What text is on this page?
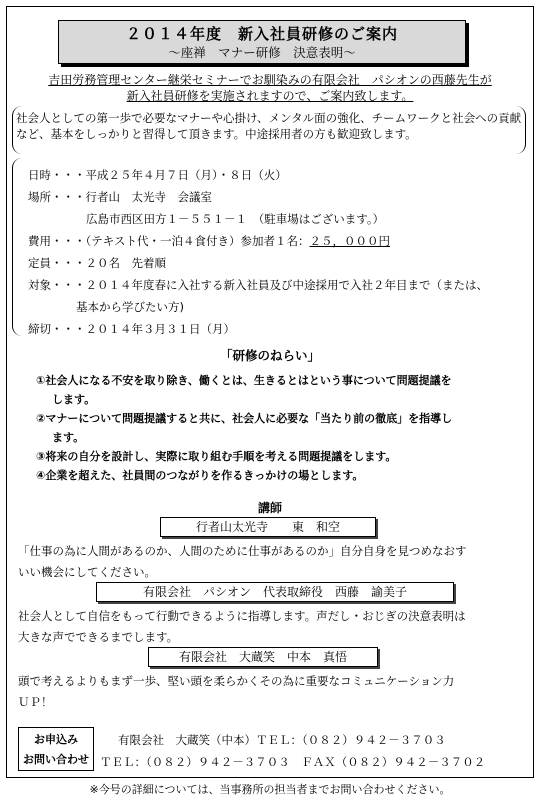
２０１４年度　新入社員研修のご案内
～座禅　マナー研修　決意表明～
吉田労務管理センター継栄セミナーでお馴染みの有限会社　パシオンの西藤先生が
新入社員研修を実施されますので、ご案内致します。
社会人としての第一歩で必要なマナーや心掛け、メンタル面の強化、チームワークと社会への貢献など、基本をしっかりと習得して頂きます。中途採用者の方も歓迎致します。
日時・・・平成２５年４月７日（月）・８日（火）
場所・・・行者山　太光寺　会議室
広島市西区田方１－５５１－１　（駐車場はございます。）
費用・・・（テキスト代・一泊４食付き）参加者１名：２５，０００円
定員・・・２０名　先着順
対象・・・２０１４年度春に入社する新入社員及び中途採用で入社２年目まで（または、
基本から学びたい方)
締切・・・２０１４年３月３１日（月）
「研修のねらい」
①社会人になる不安を取り除き、働くとは、生きるとはという事について問題提議を
します。
②マナーについて問題提議すると共に、社会人に必要な「当たり前の徹底」を指導し
ます。
③将来の自分を設計し、実際に取り組む手順を考える問題提議をします。
④企業を超えた、社員間のつながりを作るきっかけの場とします。
講師
行者山太光寺　　東　和空
「仕事の為に人間があるのか、人間のために仕事があるのか」自分自身を見つめなおす
いい機会にしてください。
有限会社　パシオン　代表取締役　西藤　諭美子
社会人として自信をもって行動できるように指導します。声だし・おじぎの決意表明は
大きな声でできるまでします。
有限会社　大蔵笑　中本　真悟
頭で考えるよりもまず一歩、堅い頭を柔らかくその為に重要なコミュニケーション力
ＵＰ！
お申込み
お問い合わせ
有限会社　大蔵笑（中本）ＴＥＬ：（０８２）９４２－３７０３
ＴＥＬ：（０８２）９４２－３７０３　ＦＡＸ（０８２）９４２－３７０２
※今号の詳細については、当事務所の担当者までお問い合わせください。
